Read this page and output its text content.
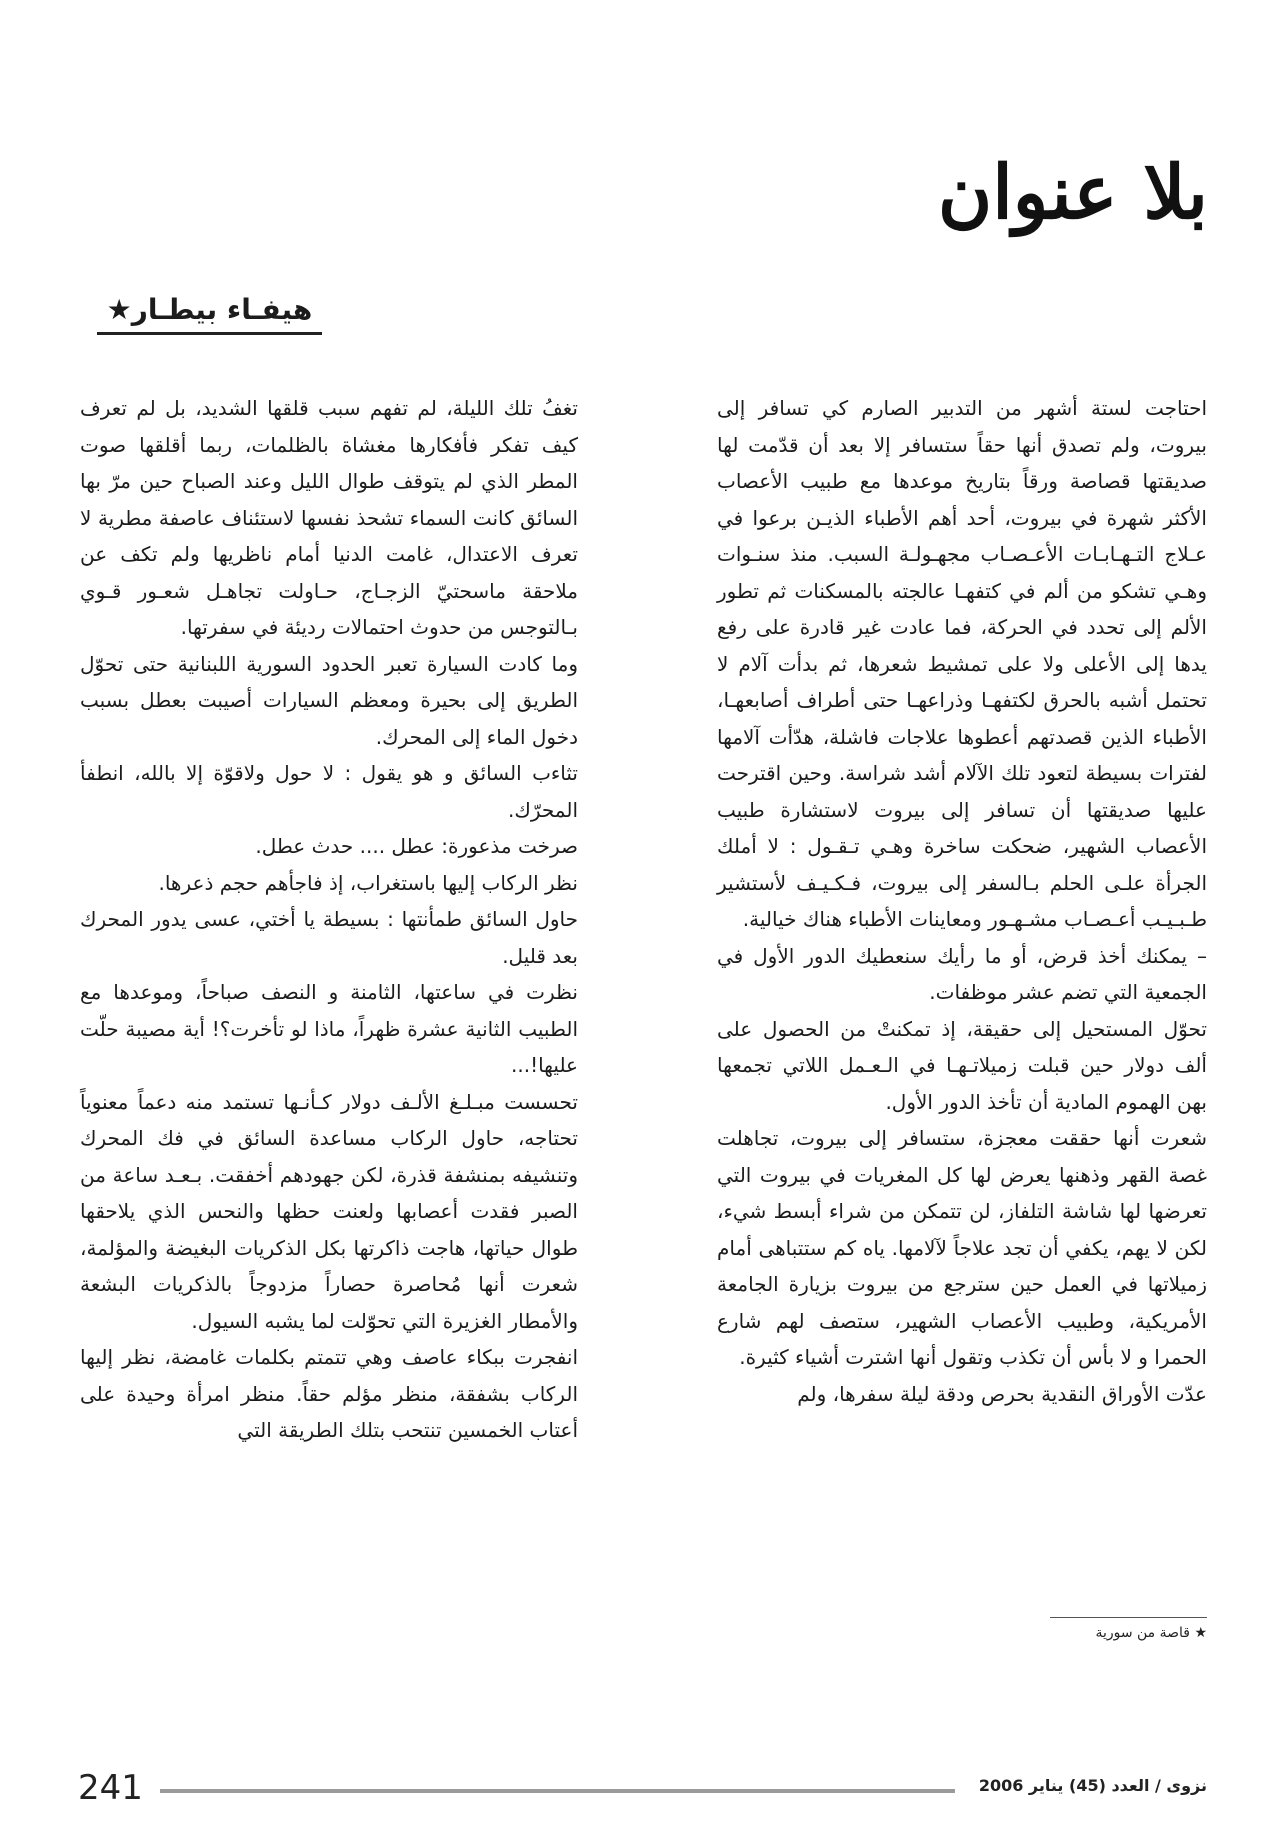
بلا عنوان
هيفـاء بيطـار★

احتاجت لستة أشهر من التدبير الصارم كي تسافر إلى بيروت، ولم تصدق أنها حقاً ستسافر إلا بعد أن قدّمت لها صديقتها قصاصة ورقاً بتاريخ موعدها مع طبيب الأعصاب الأكثر شهرة في بيروت، أحد أهم الأطباء الذيـن برعوا في عـلاج التـهـابـات الأعـصـاب مجهـولـة السبب. منذ سنـوات وهـي تشكو من ألم في كتفهـا عالجته بالمسكنات ثم تطور الألم إلى تحدد في الحركة، فما عادت غير قادرة على رفع يدها إلى الأعلى ولا على تمشيط شعرها، ثم بدأت آلام لا تحتمل أشبه بالحرق لكتفهـا وذراعهـا حتى أطراف أصابعهـا، الأطباء الذين قصدتهم أعطوها علاجات فاشلة، هدّأت آلامها لفترات بسيطة لتعود تلك الآلام أشد شراسة. وحين اقترحت عليها صديقتها أن تسافر إلى بيروت لاستشارة طبيب الأعصاب الشهير، ضحكت ساخرة وهـي تـقـول : لا أملك الجرأة علـى الحلم بـالسفر إلى بيروت، فـكـيـف لأستشير طـبـيـب أعـصـاب مشـهـور ومعاينات الأطباء هناك خيالية.

– يمكنك أخذ قرض، أو ما رأيك سنعطيك الدور الأول في الجمعية التي تضم عشر موظفات.

تحوّل المستحيل إلى حقيقة، إذ تمكنتْ من الحصول على ألف دولار حين قبلت زميلاتـهـا في الـعـمل اللاتي تجمعها بهن الهموم المادية أن تأخذ الدور الأول.

شعرت أنها حققت معجزة، ستسافر إلى بيروت، تجاهلت غصة القهر وذهنها يعرض لها كل المغريات في بيروت التي تعرضها لها شاشة التلفاز، لن تتمكن من شراء أبسط شيء، لكن لا يهم، يكفي أن تجد علاجاً لآلامها. ياه كم ستتباهى أمام زميلاتها في العمل حين سترجع من بيروت بزيارة الجامعة الأمريكية، وطبيب الأعصاب الشهير، ستصف لهم شارع الحمرا و لا بأس أن تكذب وتقول أنها اشترت أشياء كثيرة.

عدّت الأوراق النقدية بحرص ودقة ليلة سفرها، ولم

تغفُ تلك الليلة، لم تفهم سبب قلقها الشديد، بل لم تعرف كيف تفكر فأفكارها مغشاة بالظلمات، ربما أقلقها صوت المطر الذي لم يتوقف طوال الليل وعند الصباح حين مرّ بها السائق كانت السماء تشحذ نفسها لاستئناف عاصفة مطرية لا تعرف الاعتدال، غامت الدنيا أمام ناظريها ولم تكف عن ملاحقة ماسحتيّ الزجـاج، حـاولت تجاهـل شعـور قـوي بـالتوجس من حدوث احتمالات رديئة في سفرتها.

وما كادت السيارة تعبر الحدود السورية اللبنانية حتى تحوّل الطريق إلى بحيرة ومعظم السيارات أصيبت بعطل بسبب دخول الماء إلى المحرك.

تثاءب السائق و هو يقول : لا حول ولاقوّة إلا بالله، انطفأ المحرّك.

صرخت مذعورة: عطل .... حدث عطل.

نظر الركاب إليها باستغراب، إذ فاجأهم حجم ذعرها.

حاول السائق طمأنتها : بسيطة يا أختي، عسى يدور المحرك بعد قليل.

نظرت في ساعتها، الثامنة و النصف صباحاً، وموعدها مع الطبيب الثانية عشرة ظهراً، ماذا لو تأخرت؟! أية مصيبة حلّت عليها!...

تحسست مبـلـغ الألـف دولار كـأنـها تستمد منه دعماً معنوياً تحتاجه، حاول الركاب مساعدة السائق في فك المحرك وتنشيفه بمنشفة قذرة، لكن جهودهم أخفقت. بـعـد ساعة من الصبر فقدت أعصابها ولعنت حظها والنحس الذي يلاحقها طوال حياتها، هاجت ذاكرتها بكل الذكريات البغيضة والمؤلمة، شعرت أنها مُحاصرة حصاراً مزدوجاً بالذكريات البشعة والأمطار الغزيرة التي تحوّلت لما يشبه السيول.

انفجرت ببكاء عاصف وهي تتمتم بكلمات غامضة، نظر إليها الركاب بشفقة، منظر مؤلم حقاً. منظر امرأة وحيدة على أعتاب الخمسين تنتحب بتلك الطريقة التي

★ قاصة من سورية
241	نزوى / العدد (45) يناير 2006
